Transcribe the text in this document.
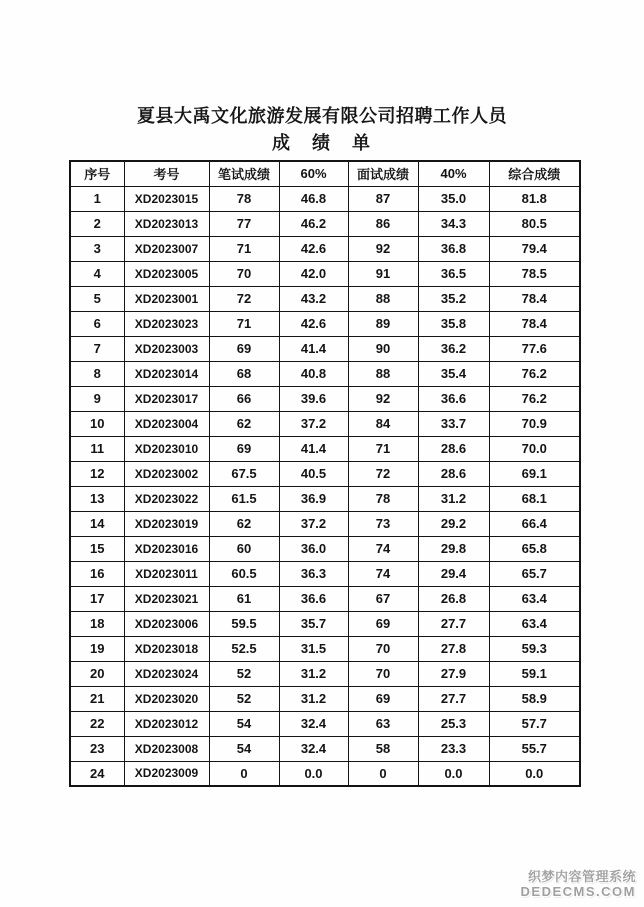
夏县大禹文化旅游发展有限公司招聘工作人员
成　绩　单
序号	考号	笔试成绩	60%	面试成绩	40%	综合成绩
1	XD2023015	78	46.8	87	35.0	81.8
2	XD2023013	77	46.2	86	34.3	80.5
3	XD2023007	71	42.6	92	36.8	79.4
4	XD2023005	70	42.0	91	36.5	78.5
5	XD2023001	72	43.2	88	35.2	78.4
6	XD2023023	71	42.6	89	35.8	78.4
7	XD2023003	69	41.4	90	36.2	77.6
8	XD2023014	68	40.8	88	35.4	76.2
9	XD2023017	66	39.6	92	36.6	76.2
10	XD2023004	62	37.2	84	33.7	70.9
11	XD2023010	69	41.4	71	28.6	70.0
12	XD2023002	67.5	40.5	72	28.6	69.1
13	XD2023022	61.5	36.9	78	31.2	68.1
14	XD2023019	62	37.2	73	29.2	66.4
15	XD2023016	60	36.0	74	29.8	65.8
16	XD2023011	60.5	36.3	74	29.4	65.7
17	XD2023021	61	36.6	67	26.8	63.4
18	XD2023006	59.5	35.7	69	27.7	63.4
19	XD2023018	52.5	31.5	70	27.8	59.3
20	XD2023024	52	31.2	70	27.9	59.1
21	XD2023020	52	31.2	69	27.7	58.9
22	XD2023012	54	32.4	63	25.3	57.7
23	XD2023008	54	32.4	58	23.3	55.7
24	XD2023009	0	0.0	0	0.0	0.0
织梦内容管理系统
DEDECMS.COM
